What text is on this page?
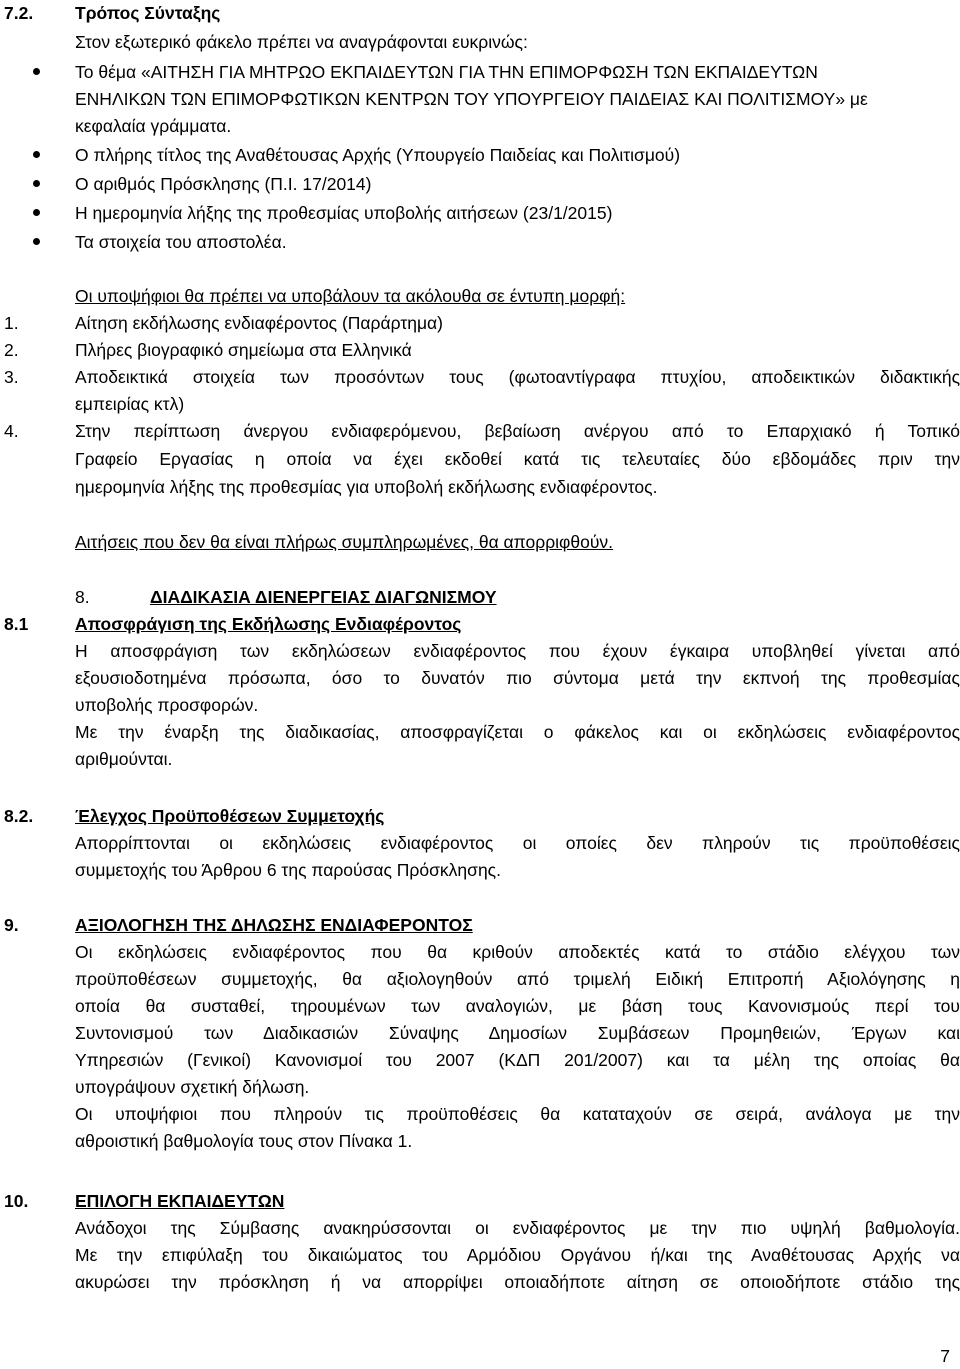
7.2. Τρόπος Σύνταξης
Στον εξωτερικό φάκελο πρέπει να αναγράφονται ευκρινώς:
Το θέμα «ΑΙΤΗΣΗ ΓΙΑ ΜΗΤΡΩΟ ΕΚΠΑΙΔΕΥΤΩΝ ΓΙΑ ΤΗΝ ΕΠΙΜΟΡΦΩΣΗ ΤΩΝ ΕΚΠΑΙΔΕΥΤΩΝ
ΕΝΗΛΙΚΩΝ ΤΩΝ ΕΠΙΜΟΡΦΩΤΙΚΩΝ ΚΕΝΤΡΩΝ ΤΟΥ ΥΠΟΥΡΓΕΙΟΥ ΠΑΙΔΕΙΑΣ ΚΑΙ ΠΟΛΙΤΙΣΜΟΥ» με
κεφαλαία γράμματα.
Ο πλήρης τίτλος της Αναθέτουσας Αρχής (Υπουργείο Παιδείας και Πολιτισμού)
Ο αριθμός Πρόσκλησης (Π.Ι. 17/2014)
Η ημερομηνία λήξης της προθεσμίας υποβολής αιτήσεων (23/1/2015)
Τα στοιχεία του αποστολέα.
Οι υποψήφιοι θα πρέπει να υποβάλουν τα ακόλουθα σε έντυπη μορφή:
1.	Αίτηση εκδήλωσης ενδιαφέροντος (Παράρτημα)
2.	Πλήρες βιογραφικό σημείωμα στα Ελληνικά
3.	Αποδεικτικά στοιχεία των προσόντων τους (φωτοαντίγραφα πτυχίου, αποδεικτικών διδακτικής
εμπειρίας κτλ)
4.	Στην περίπτωση άνεργου ενδιαφερόμενου, βεβαίωση ανέργου από το Επαρχιακό ή Τοπικό
Γραφείο Εργασίας η οποία να έχει εκδοθεί κατά τις τελευταίες δύο εβδομάδες πριν την
ημερομηνία λήξης της προθεσμίας για υποβολή εκδήλωσης ενδιαφέροντος.
Αιτήσεις που δεν θα είναι πλήρως συμπληρωμένες, θα απορριφθούν.
8.	ΔΙΑΔΙΚΑΣΙΑ ΔΙΕΝΕΡΓΕΙΑΣ ΔΙΑΓΩΝΙΣΜΟΥ
8.1	Αποσφράγιση της Εκδήλωσης Ενδιαφέροντος
Η αποσφράγιση των εκδηλώσεων ενδιαφέροντος που έχουν έγκαιρα υποβληθεί γίνεται από
εξουσιοδοτημένα πρόσωπα, όσο το δυνατόν πιο σύντομα μετά την εκπνοή της προθεσμίας
υποβολής προσφορών.
Με την έναρξη της διαδικασίας, αποσφραγίζεται ο φάκελος και οι εκδηλώσεις ενδιαφέροντος
αριθμούνται.
8.2. Έλεγχος Προϋποθέσεων Συμμετοχής
Απορρίπτονται οι εκδηλώσεις ενδιαφέροντος οι οποίες δεν πληρούν τις προϋποθέσεις
συμμετοχής του Άρθρου 6 της παρούσας Πρόσκλησης.
9.	ΑΞΙΟΛΟΓΗΣΗ ΤΗΣ ΔΗΛΩΣΗΣ ΕΝΔΙΑΦΕΡΟΝΤΟΣ
Οι εκδηλώσεις ενδιαφέροντος που θα κριθούν αποδεκτές κατά το στάδιο ελέγχου των
προϋποθέσεων συμμετοχής, θα αξιολογηθούν από τριμελή Ειδική Επιτροπή Αξιολόγησης η
οποία θα συσταθεί, τηρουμένων των αναλογιών, με βάση τους Κανονισμούς περί του
Συντονισμού των Διαδικασιών Σύναψης Δημοσίων Συμβάσεων Προμηθειών, Έργων και
Υπηρεσιών (Γενικοί) Κανονισμοί του 2007 (ΚΔΠ 201/2007) και τα μέλη της οποίας θα
υπογράψουν σχετική δήλωση.
Οι υποψήφιοι που πληρούν τις προϋποθέσεις θα καταταχούν σε σειρά, ανάλογα με την
αθροιστική βαθμολογία τους στον Πίνακα 1.
10.	ΕΠΙΛΟΓΗ ΕΚΠΑΙΔΕΥΤΩΝ
Ανάδοχοι της Σύμβασης ανακηρύσσονται οι ενδιαφέροντος με την πιο υψηλή βαθμολογία.
Με την επιφύλαξη του δικαιώματος του Αρμόδιου Οργάνου ή/και της Αναθέτουσας Αρχής να
ακυρώσει την πρόσκληση ή να απορρίψει οποιαδήποτε αίτηση σε οποιοδήποτε στάδιο της
7
